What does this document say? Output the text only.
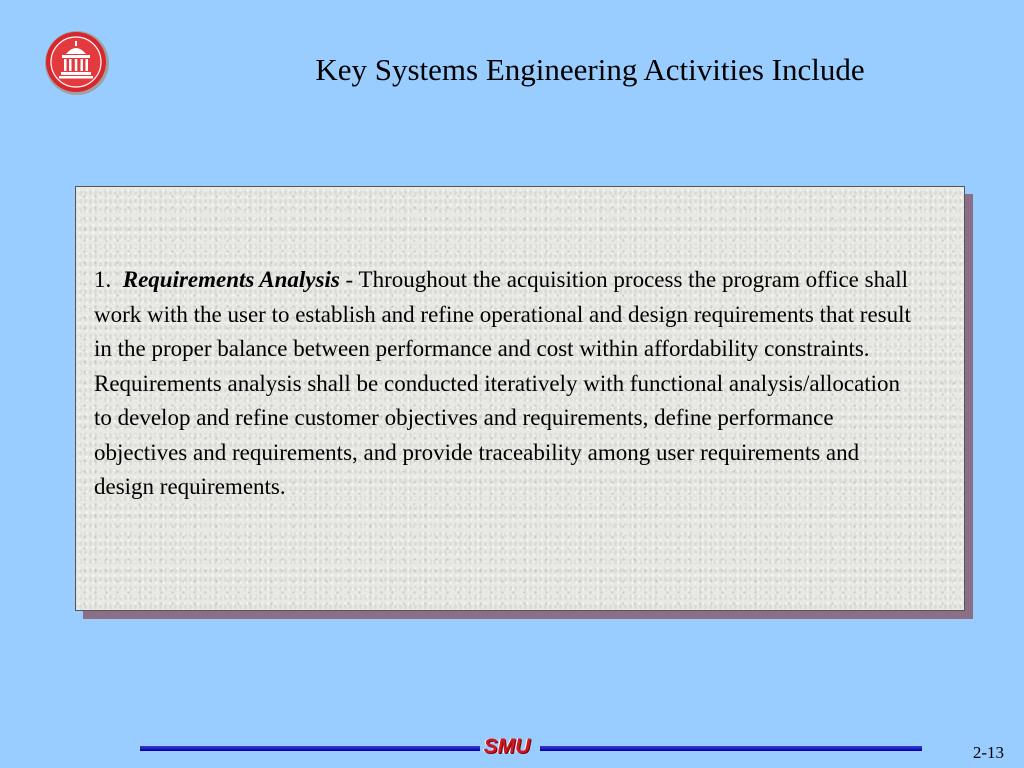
Key Systems Engineering Activities Include

1. Requirements Analysis - Throughout the acquisition process the program office shall work with the user to establish and refine operational and design requirements that result in the proper balance between performance and cost within affordability constraints. Requirements analysis shall be conducted iteratively with functional analysis/allocation to develop and refine customer objectives and requirements, define performance objectives and requirements, and provide traceability among user requirements and design requirements.

SMU	2-13
